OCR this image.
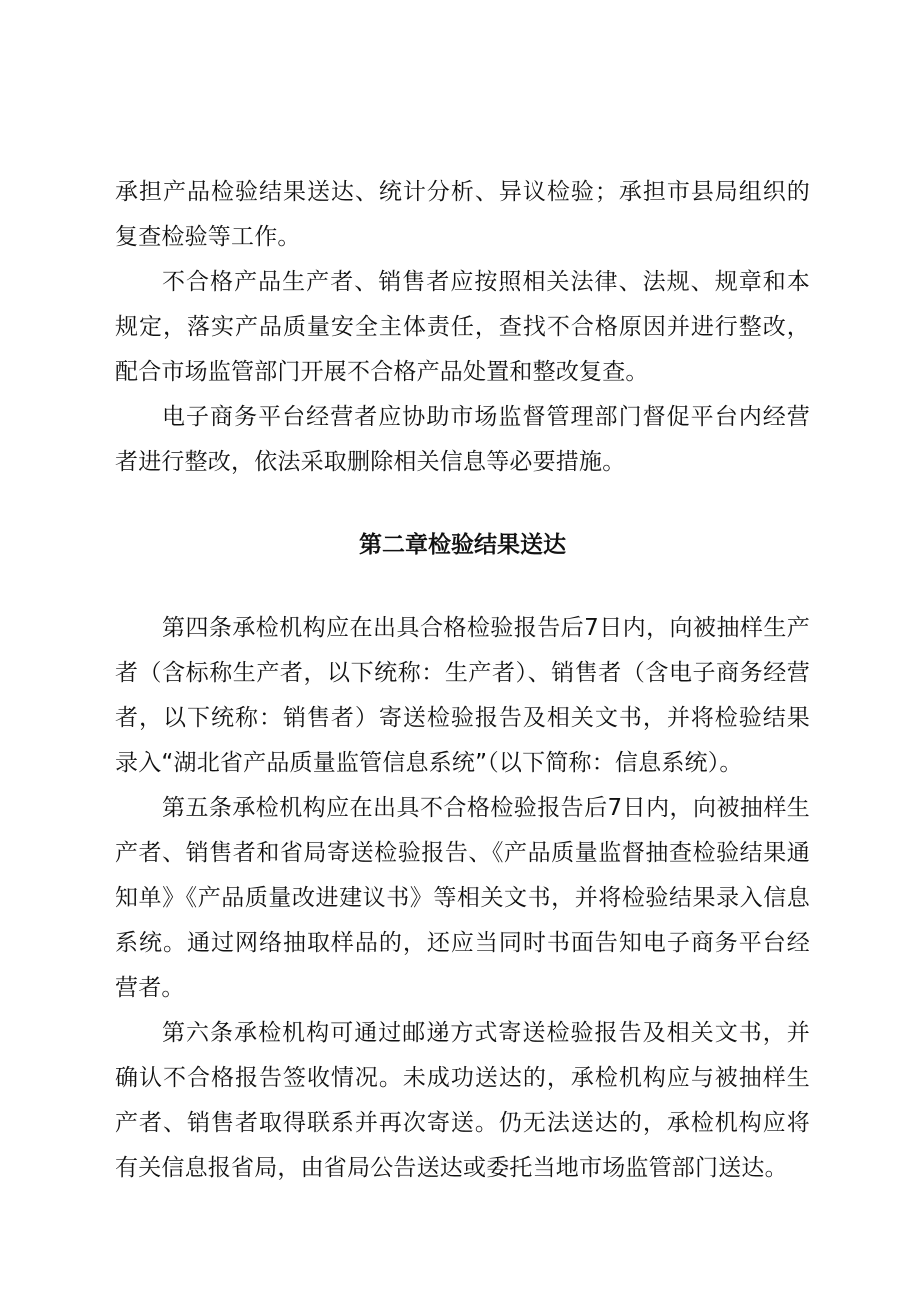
承担产品检验结果送达、统计分析、异议检验；承担市县局组织的复查检验等工作。

不合格产品生产者、销售者应按照相关法律、法规、规章和本规定，落实产品质量安全主体责任，查找不合格原因并进行整改，配合市场监管部门开展不合格产品处置和整改复查。

电子商务平台经营者应协助市场监督管理部门督促平台内经营者进行整改，依法采取删除相关信息等必要措施。

第二章检验结果送达

第四条承检机构应在出具合格检验报告后7日内，向被抽样生产者（含标称生产者，以下统称：生产者）、销售者（含电子商务经营者，以下统称：销售者）寄送检验报告及相关文书，并将检验结果录入“湖北省产品质量监管信息系统”（以下简称：信息系统）。

第五条承检机构应在出具不合格检验报告后7日内，向被抽样生产者、销售者和省局寄送检验报告、《产品质量监督抽查检验结果通知单》《产品质量改进建议书》等相关文书，并将检验结果录入信息系统。通过网络抽取样品的，还应当同时书面告知电子商务平台经营者。

第六条承检机构可通过邮递方式寄送检验报告及相关文书，并确认不合格报告签收情况。未成功送达的，承检机构应与被抽样生产者、销售者取得联系并再次寄送。仍无法送达的，承检机构应将有关信息报省局，由省局公告送达或委托当地市场监管部门送达。
